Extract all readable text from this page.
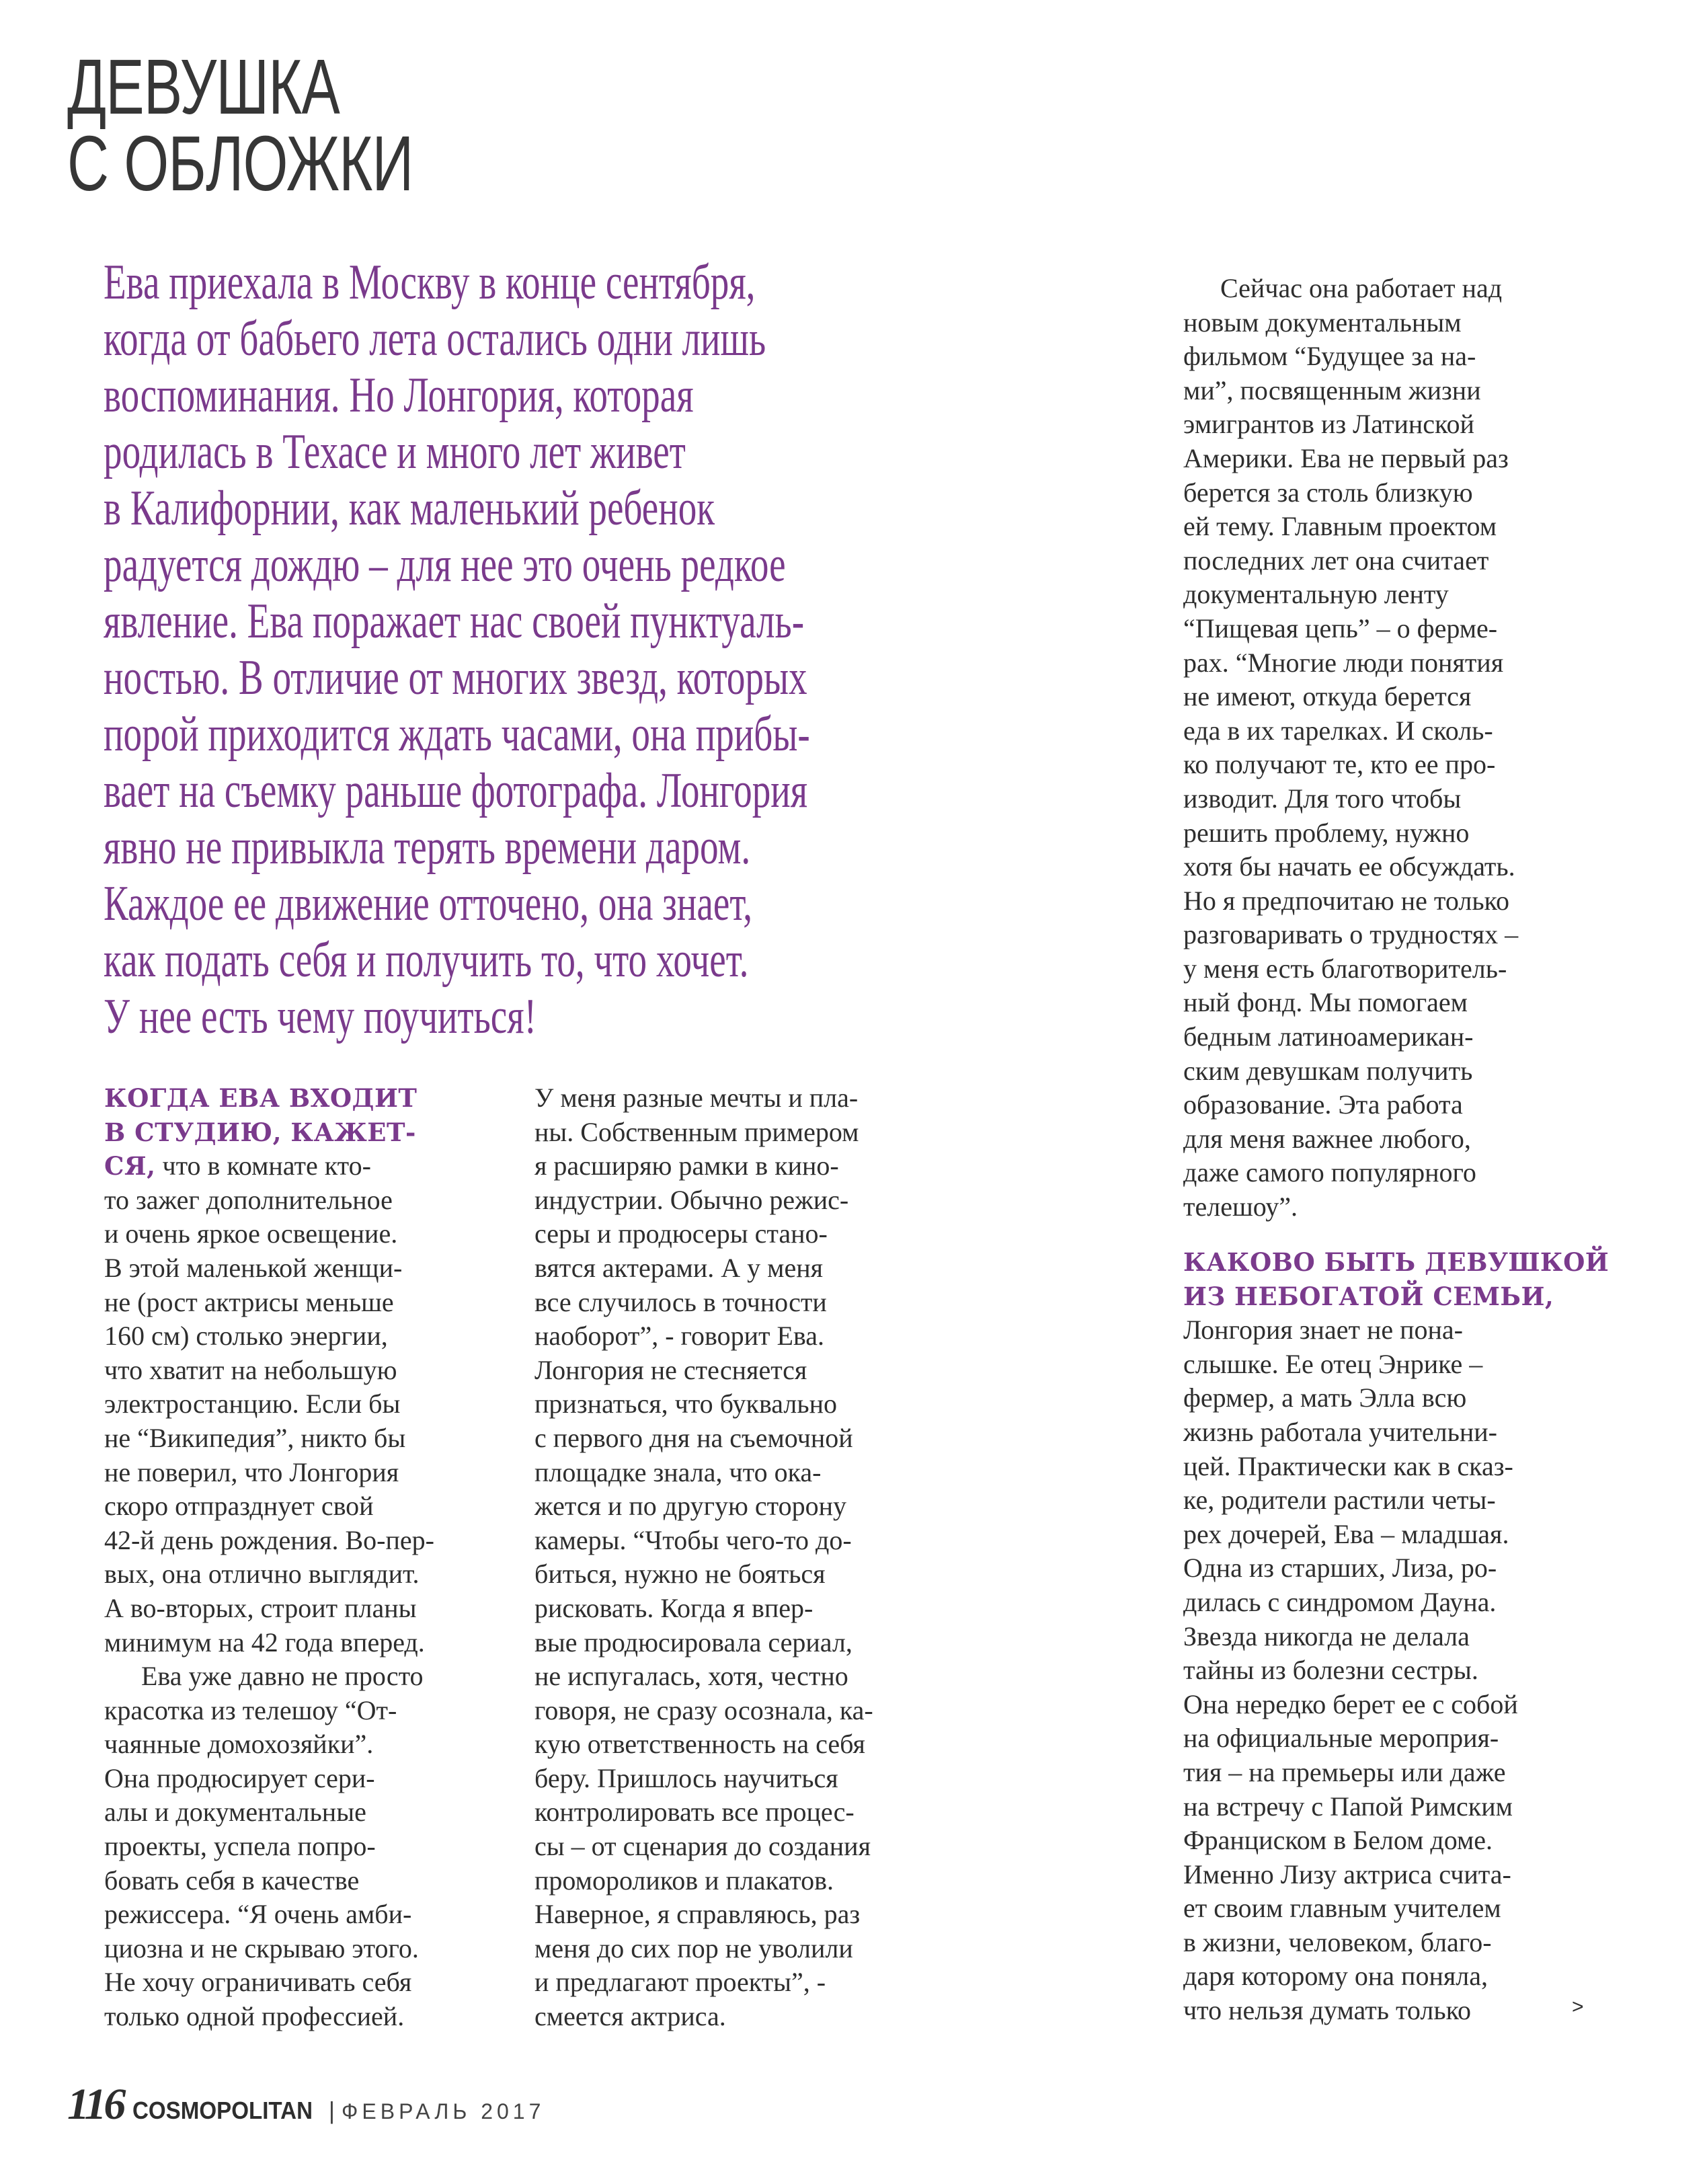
ДЕВУШКА
С ОБЛОЖКИ
Ева приехала в Москву в конце сентября,
когда от бабьего лета остались одни лишь
воспоминания. Но Лонгория, которая
родилась в Техасе и много лет живет
в Калифорнии, как маленький ребенок
радуется дождю – для нее это очень редкое
явление. Ева поражает нас своей пунктуаль-
ностью. В отличие от многих звезд, которых
порой приходится ждать часами, она прибы-
вает на съемку раньше фотографа. Лонгория
явно не привыкла терять времени даром.
Каждое ее движение отточено, она знает,
как подать себя и получить то, что хочет.
У нее есть чему поучиться!
КОГДА ЕВА ВХОДИТ
В СТУДИЮ, КАЖЕТ-
СЯ, что в комнате кто-
то зажег дополнительное
и очень яркое освещение.
В этой маленькой женщи-
не (рост актрисы меньше
160 см) столько энергии,
что хватит на небольшую
электростанцию. Если бы
не “Википедия”, никто бы
не поверил, что Лонгория
скоро отпразднует свой
42-й день рождения. Во-пер-
вых, она отлично выглядит.
А во-вторых, строит планы
минимум на 42 года вперед.
Ева уже давно не просто
красотка из телешоу “От-
чаянные домохозяйки”.
Она продюсирует сери-
алы и документальные
проекты, успела попро-
бовать себя в качестве
режиссера. “Я очень амби-
циозна и не скрываю этого.
Не хочу ограничивать себя
только одной профессией.
У меня разные мечты и пла-
ны. Собственным примером
я расширяю рамки в кино-
индустрии. Обычно режис-
серы и продюсеры стано-
вятся актерами. А у меня
все случилось в точности
наоборот”, - говорит Ева.
Лонгория не стесняется
признаться, что буквально
с первого дня на съемочной
площадке знала, что ока-
жется и по другую сторону
камеры. “Чтобы чего-то до-
биться, нужно не бояться
рисковать. Когда я впер-
вые продюсировала сериал,
не испугалась, хотя, честно
говоря, не сразу осознала, ка-
кую ответственность на себя
беру. Пришлось научиться
контролировать все процес-
сы – от сценария до создания
промороликов и плакатов.
Наверное, я справляюсь, раз
меня до сих пор не уволили
и предлагают проекты”, -
смеется актриса.
Сейчас она работает над
новым документальным
фильмом “Будущее за на-
ми”, посвященным жизни
эмигрантов из Латинской
Америки. Ева не первый раз
берется за столь близкую
ей тему. Главным проектом
последних лет она считает
документальную ленту
“Пищевая цепь” – о ферме-
рах. “Многие люди понятия
не имеют, откуда берется
еда в их тарелках. И сколь-
ко получают те, кто ее про-
изводит. Для того чтобы
решить проблему, нужно
хотя бы начать ее обсуждать.
Но я предпочитаю не только
разговаривать о трудностях –
у меня есть благотворитель-
ный фонд. Мы помогаем
бедным латиноамерикан-
ским девушкам получить
образование. Эта работа
для меня важнее любого,
даже самого популярного
телешоу”.
КАКОВО БЫТЬ ДЕВУШКОЙ
ИЗ НЕБОГАТОЙ СЕМЬИ,
Лонгория знает не пона-
слышке. Ее отец Энрике –
фермер, а мать Элла всю
жизнь работала учительни-
цей. Практически как в сказ-
ке, родители растили четы-
рех дочерей, Ева – младшая.
Одна из старших, Лиза, ро-
дилась с синдромом Дауна.
Звезда никогда не делала
тайны из болезни сестры.
Она нередко берет ее с собой
на официальные мероприя-
тия – на премьеры или даже
на встречу с Папой Римским
Франциском в Белом доме.
Именно Лизу актриса счита-
ет своим главным учителем
в жизни, человеком, благо-
даря которому она поняла,
что нельзя думать только	>
116 COSMOPOLITAN | ФЕВРАЛЬ 2017
